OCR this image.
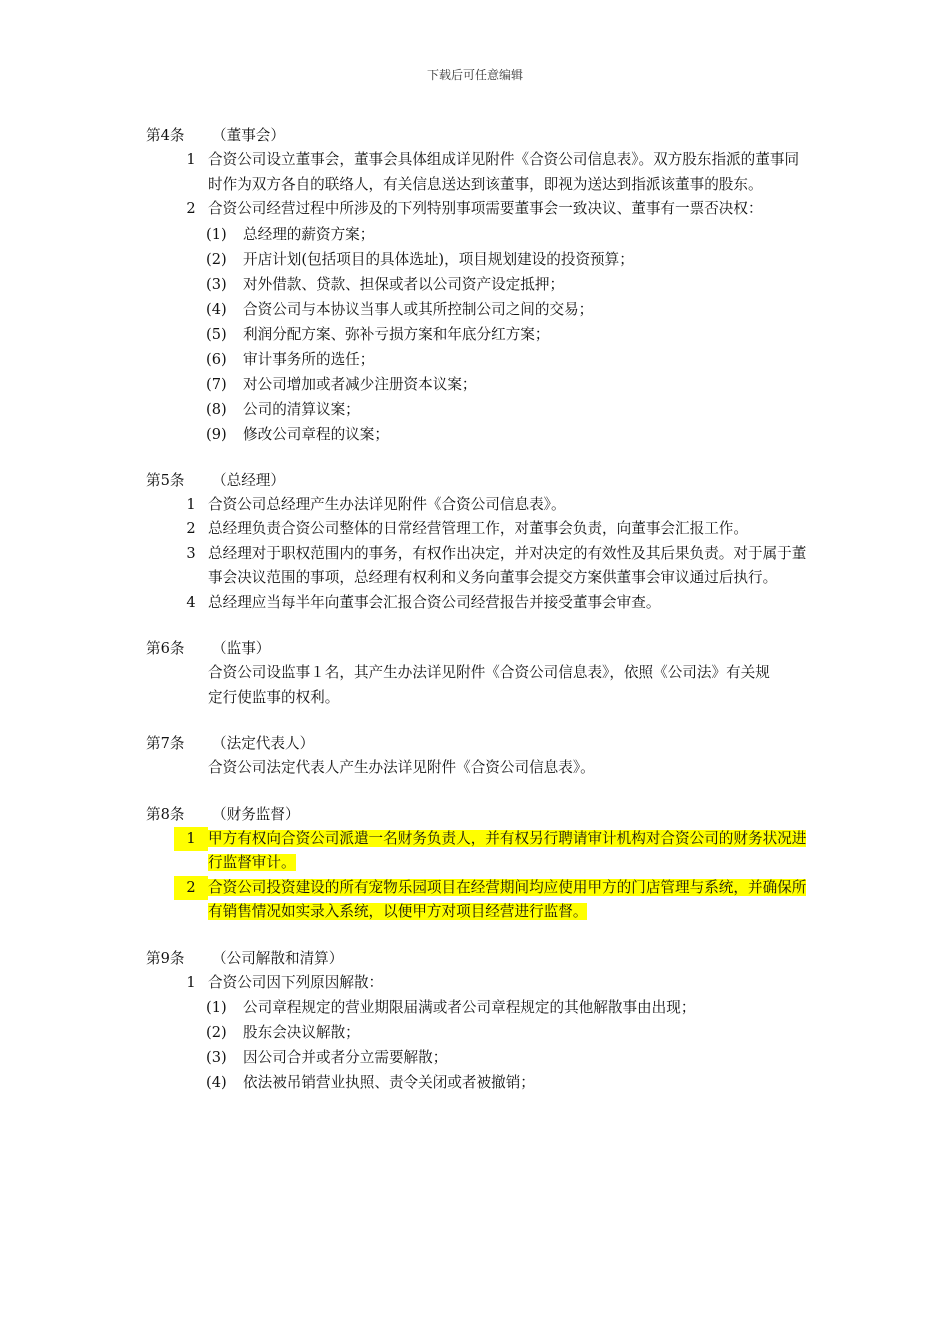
下载后可任意编辑
第4条	（董事会）
1 合资公司设立董事会，董事会具体组成详见附件《合资公司信息表》。双方股东指派的董事同时作为双方各自的联络人，有关信息送达到该董事，即视为送达到指派该董事的股东。
2 合资公司经营过程中所涉及的下列特别事项需要董事会一致决议、董事有一票否决权：
(1)	总经理的薪资方案；
(2)	开店计划(包括项目的具体选址)，项目规划建设的投资预算；
(3)	对外借款、贷款、担保或者以公司资产设定抵押；
(4)	合资公司与本协议当事人或其所控制公司之间的交易；
(5)	利润分配方案、弥补亏损方案和年底分红方案；
(6)	审计事务所的选任；
(7)	对公司增加或者减少注册资本议案；
(8)	公司的清算议案；
(9)	修改公司章程的议案；
第5条	（总经理）
1 合资公司总经理产生办法详见附件《合资公司信息表》。
2 总经理负责合资公司整体的日常经营管理工作，对董事会负责，向董事会汇报工作。
3 总经理对于职权范围内的事务，有权作出决定，并对决定的有效性及其后果负责。对于属于董事会决议范围的事项，总经理有权利和义务向董事会提交方案供董事会审议通过后执行。
4 总经理应当每半年向董事会汇报合资公司经营报告并接受董事会审查。
第6条	（监事）
合资公司设监事１名，其产生办法详见附件《合资公司信息表》，依照《公司法》有关规定行使监事的权利。
第7条	（法定代表人）
合资公司法定代表人产生办法详见附件《合资公司信息表》。
第8条	（财务监督）
1 甲方有权向合资公司派遣一名财务负责人，并有权另行聘请审计机构对合资公司的财务状况进行监督审计。
2 合资公司投资建设的所有宠物乐园项目在经营期间均应使用甲方的门店管理与系统，并确保所有销售情况如实录入系统，以便甲方对项目经营进行监督。
第9条	（公司解散和清算）
1 合资公司因下列原因解散：
(1)	公司章程规定的营业期限届满或者公司章程规定的其他解散事由出现；
(2)	股东会决议解散；
(3)	因公司合并或者分立需要解散；
(4)	依法被吊销营业执照、责令关闭或者被撤销；
